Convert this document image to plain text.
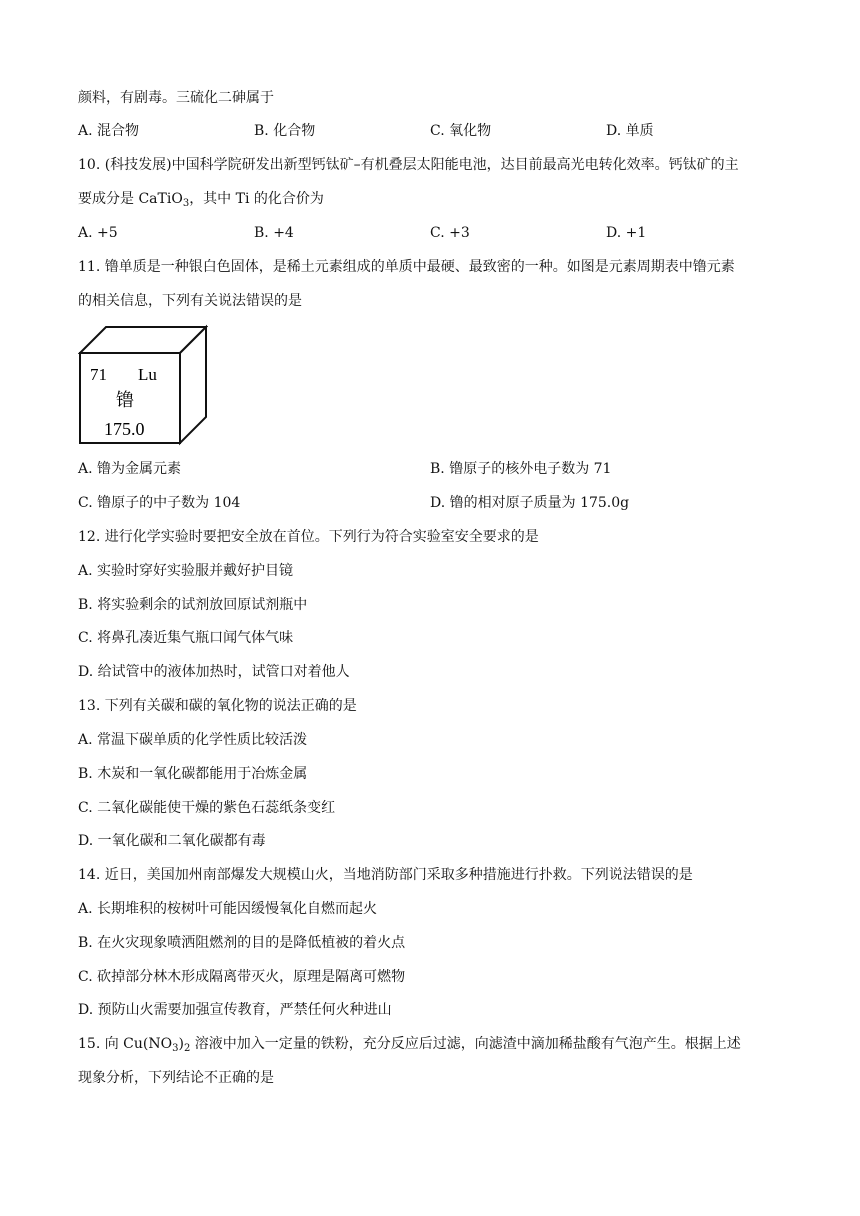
颜料，有剧毒。三硫化二砷属于
A. 混合物	B. 化合物	C. 氧化物	D. 单质
10. (科技发展)中国科学院研发出新型钙钛矿–有机叠层太阳能电池，达目前最高光电转化效率。钙钛矿的主
要成分是 CaTiO$_3$，其中 Ti 的化合价为
A. +5	B. +4	C. +3	D. +1
11. 镥单质是一种银白色固体，是稀土元素组成的单质中最硬、最致密的一种。如图是元素周期表中镥元素
的相关信息，下列有关说法错误的是
71 Lu
镥
175.0
A. 镥为金属元素	B. 镥原子的核外电子数为 71
C. 镥原子的中子数为 104	D. 镥的相对原子质量为 175.0g
12. 进行化学实验时要把安全放在首位。下列行为符合实验室安全要求的是
A. 实验时穿好实验服并戴好护目镜
B. 将实验剩余的试剂放回原试剂瓶中
C. 将鼻孔凑近集气瓶口闻气体气味
D. 给试管中的液体加热时，试管口对着他人
13. 下列有关碳和碳的氧化物的说法正确的是
A. 常温下碳单质的化学性质比较活泼
B. 木炭和一氧化碳都能用于冶炼金属
C. 二氧化碳能使干燥的紫色石蕊纸条变红
D. 一氧化碳和二氧化碳都有毒
14. 近日，美国加州南部爆发大规模山火，当地消防部门采取多种措施进行扑救。下列说法错误的是
A. 长期堆积的桉树叶可能因缓慢氧化自燃而起火
B. 在火灾现象喷洒阻燃剂的目的是降低植被的着火点
C. 砍掉部分林木形成隔离带灭火，原理是隔离可燃物
D. 预防山火需要加强宣传教育，严禁任何火种进山
15. 向 $Cu(NO_3)_2$ 溶液中加入一定量的铁粉，充分反应后过滤，向滤渣中滴加稀盐酸有气泡产生。根据上述
现象分析，下列结论不正确的是
